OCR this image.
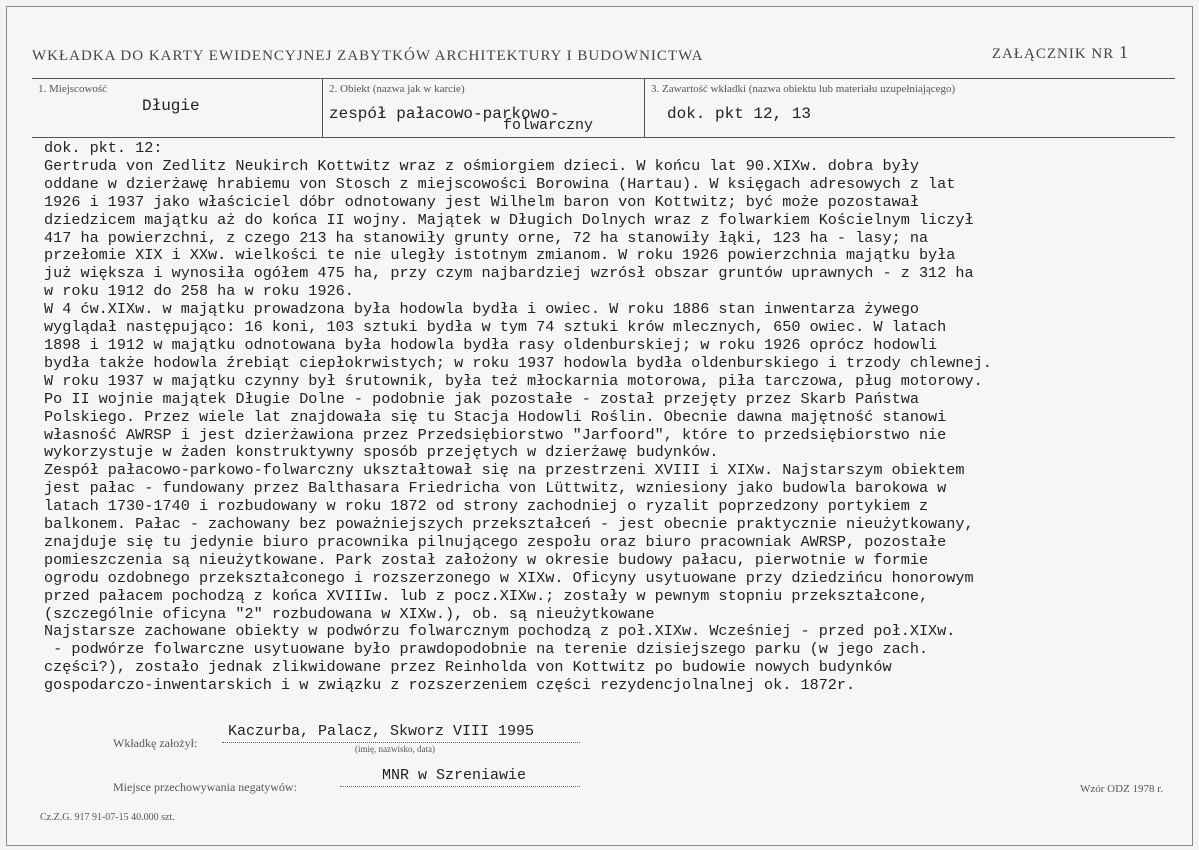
WKŁADKA DO KARTY EWIDENCYJNEJ ZABYTKÓW ARCHITEKTURY I BUDOWNICTWA	ZAŁĄCZNIK NR 1
1. Miejscowość
Długie
2. Obiekt (nazwa jak w karcie)
zespół pałacowo-parkowo-
folwarczny
3. Zawartość wkładki (nazwa obiektu lub materiału uzupełniającego)
dok. pkt 12, 13
dok. pkt. 12:
Gertruda von Zedlitz Neukirch Kottwitz wraz z ośmiorgiem dzieci. W końcu lat 90.XIXw. dobra były
oddane w dzierżawę hrabiemu von Stosch z miejscowości Borowina (Hartau). W księgach adresowych z lat
1926 i 1937 jako właściciel dóbr odnotowany jest Wilhelm baron von Kottwitz; być może pozostawał
dziedzicem majątku aż do końca II wojny. Majątek w Długich Dolnych wraz z folwarkiem Kościelnym liczył
417 ha powierzchni, z czego 213 ha stanowiły grunty orne, 72 ha stanowiły łąki, 123 ha - lasy; na
przełomie XIX i XXw. wielkości te nie uległy istotnym zmianom. W roku 1926 powierzchnia majątku była
już większa i wynosiła ogółem 475 ha, przy czym najbardziej wzrósł obszar gruntów uprawnych - z 312 ha
w roku 1912 do 258 ha w roku 1926.
W 4 ćw.XIXw. w majątku prowadzona była hodowla bydła i owiec. W roku 1886 stan inwentarza żywego
wyglądał następująco: 16 koni, 103 sztuki bydła w tym 74 sztuki krów mlecznych, 650 owiec. W latach
1898 i 1912 w majątku odnotowana była hodowla bydła rasy oldenburskiej; w roku 1926 oprócz hodowli
bydła także hodowla źrebiąt ciepłokrwistych; w roku 1937 hodowla bydła oldenburskiego i trzody chlewnej.
W roku 1937 w majątku czynny był śrutownik, była też młockarnia motorowa, piła tarczowa, pług motorowy.
Po II wojnie majątek Długie Dolne - podobnie jak pozostałe - został przejęty przez Skarb Państwa
Polskiego. Przez wiele lat znajdowała się tu Stacja Hodowli Roślin. Obecnie dawna majętność stanowi
własność AWRSP i jest dzierżawiona przez Przedsiębiorstwo "Jarfoord", które to przedsiębiorstwo nie
wykorzystuje w żaden konstruktywny sposób przejętych w dzierżawę budynków.
Zespół pałacowo-parkowo-folwarczny ukształtował się na przestrzeni XVIII i XIXw. Najstarszym obiektem
jest pałac - fundowany przez Balthasara Friedricha von Lüttwitz, wzniesiony jako budowla barokowa w
latach 1730-1740 i rozbudowany w roku 1872 od strony zachodniej o ryzalit poprzedzony portykiem z
balkonem. Pałac - zachowany bez poważniejszych przekształceń - jest obecnie praktycznie nieużytkowany,
znajduje się tu jedynie biuro pracownika pilnującego zespołu oraz biuro pracowniak AWRSP, pozostałe
pomieszczenia są nieużytkowane. Park został założony w okresie budowy pałacu, pierwotnie w formie
ogrodu ozdobnego przekształconego i rozszerzonego w XIXw. Oficyny usytuowane przy dziedzińcu honorowym
przed pałacem pochodzą z końca XVIIIw. lub z pocz.XIXw.; zostały w pewnym stopniu przekształcone,
(szczególnie oficyna "2" rozbudowana w XIXw.), ob. są nieużytkowane
Najstarsze zachowane obiekty w podwórzu folwarcznym pochodzą z poł.XIXw. Wcześniej - przed poł.XIXw.
- podwórze folwarczne usytuowane było prawdopodobnie na terenie dzisiejszego parku (w jego zach.
części?), zostało jednak zlikwidowane przez Reinholda von Kottwitz po budowie nowych budynków
gospodarczo-inwentarskich i w związku z rozszerzeniem części rezydencjolnalnej ok. 1872r.
Wkładkę założył:
Kaczurba, Palacz, Skworz VIII 1995
(imię, nazwisko, data)
Miejsce przechowywania negatywów:
MNR w Szreniawie
Cz.Z.G. 917 91-07-15 40.000 szt.
Wzór ODZ 1978 r.
